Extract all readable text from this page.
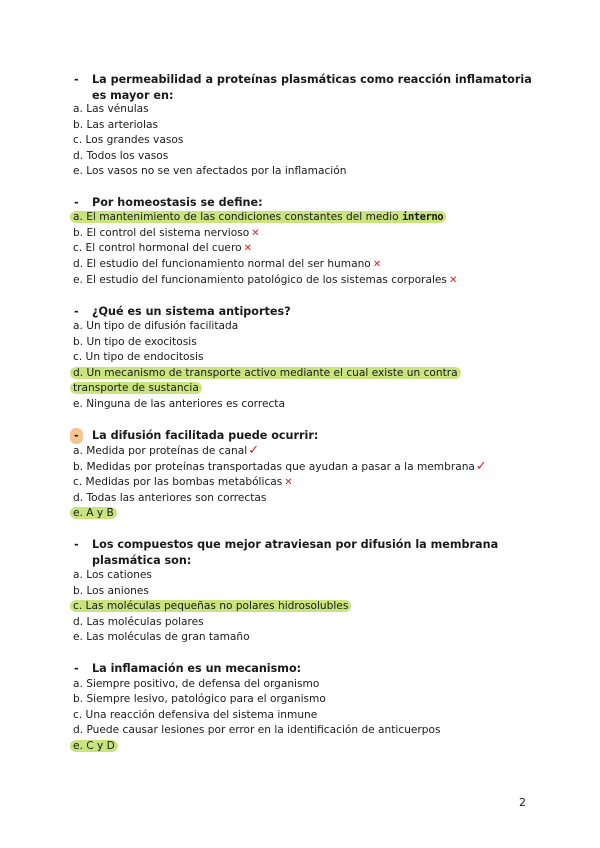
- La permeabilidad a proteínas plasmáticas como reacción inflamatoria
es mayor en:
a. Las vénulas
b. Las arteriolas
c. Los grandes vasos
d. Todos los vasos
e. Los vasos no se ven afectados por la inflamación
- Por homeostasis se define:
a. El mantenimiento de las condiciones constantes del medio interno
b. El control del sistema nervioso ✕
c. El control hormonal del cuero ✕
d. El estudio del funcionamiento normal del ser humano ✕
e. El estudio del funcionamiento patológico de los sistemas corporales ✕
- ¿Qué es un sistema antiportes?
a. Un tipo de difusión facilitada
b. Un tipo de exocitosis
c. Un tipo de endocitosis
d. Un mecanismo de transporte activo mediante el cual existe un contra
transporte de sustancia
e. Ninguna de las anteriores es correcta
-	La difusión facilitada puede ocurrir:
a. Medida por proteínas de canal✓
b. Medidas por proteínas transportadas que ayudan a pasar a la membrana✓
c. Medidas por las bombas metabólicas ✕
d. Todas las anteriores son correctas
e. A y B
- Los compuestos que mejor atraviesan por difusión la membrana
plasmática son:
a. Los cationes
b. Los aniones
c. Las moléculas pequeñas no polares hidrosolubles
d. Las moléculas polares
e. Las moléculas de gran tamaño
- La inflamación es un mecanismo:
a. Siempre positivo, de defensa del organismo
b. Siempre lesivo, patológico para el organismo
c. Una reacción defensiva del sistema inmune
d. Puede causar lesiones por error en la identificación de anticuerpos
e. C y D
2
